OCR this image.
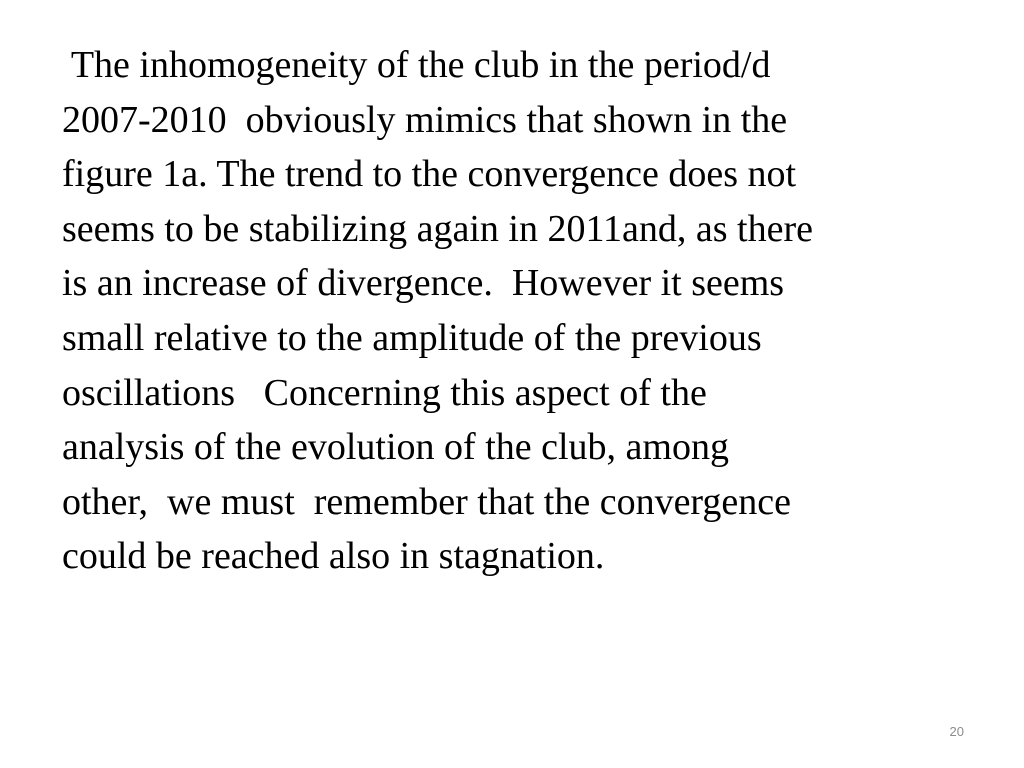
The inhomogeneity of the club in the period/d
2007-2010  obviously mimics that shown in the
figure 1a. The trend to the convergence does not
seems to be stabilizing again in 2011and, as there
is an increase of divergence.  However it seems
small relative to the amplitude of the previous
oscillations   Concerning this aspect of the
analysis of the evolution of the club, among
other,  we must  remember that the convergence
could be reached also in stagnation.

20
